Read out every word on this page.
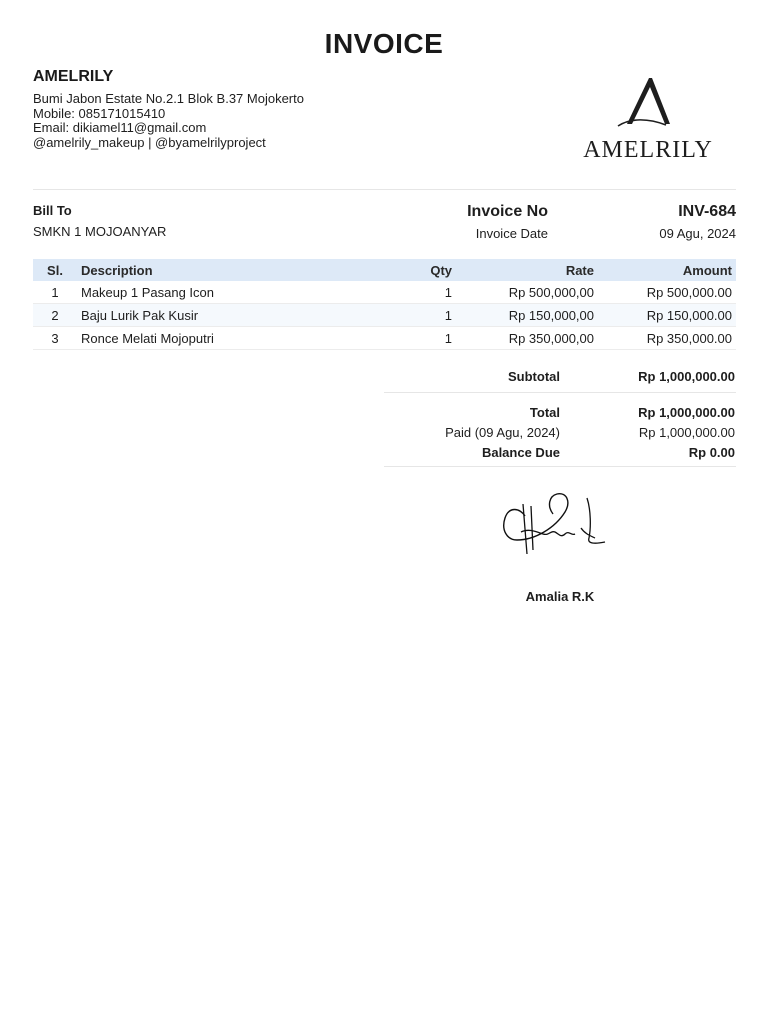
INVOICE
AMELRILY
Bumi Jabon Estate No.2.1 Blok B.37 Mojokerto
Mobile: 085171015410
Email: dikiamel11@gmail.com
@amelrily_makeup | @byamelrilyproject	AMELRILY
Bill To
SMKN 1 MOJOANYAR
Invoice No	INV-684
Invoice Date	09 Agu, 2024
Sl.	Description	Qty	Rate	Amount
1	Makeup 1 Pasang Icon	1	Rp 500,000,00	Rp 500,000.00
2	Baju Lurik Pak Kusir	1	Rp 150,000,00	Rp 150,000.00
3	Ronce Melati Mojoputri	1	Rp 350,000,00	Rp 350,000.00
Subtotal	Rp 1,000,000.00
Total	Rp 1,000,000.00
Paid (09 Agu, 2024)	Rp 1,000,000.00
Balance Due	Rp 0.00
Amalia R.K
